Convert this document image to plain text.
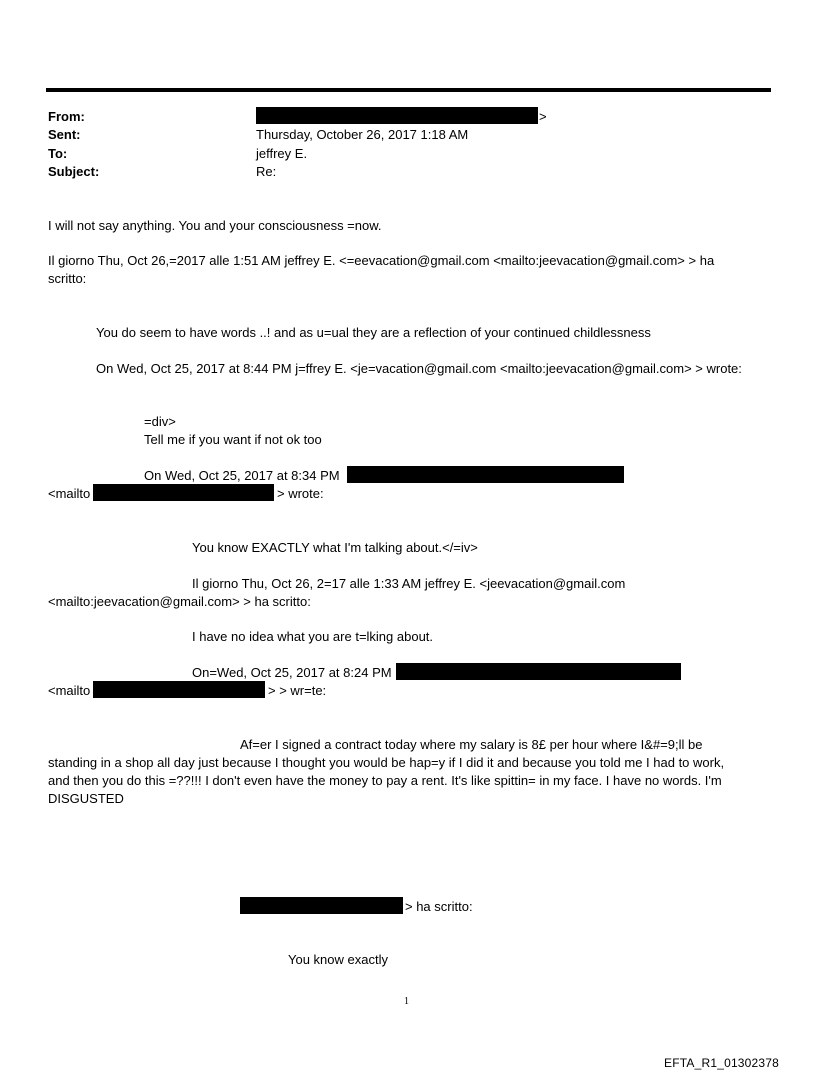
From:	>
Sent:	Thursday, October 26, 2017 1:18 AM
To:	jeffrey E.
Subject:	Re:
I will not say anything. You and your consciousness =now.
Il giorno Thu, Oct 26,=2017 alle 1:51 AM jeffrey E. <=eevacation@gmail.com <mailto:jeevacation@gmail.com> > ha
scritto:
You do seem to have words ..! and as u=ual they are a reflection of your continued childlessness
On Wed, Oct 25, 2017 at 8:44 PM j=ffrey E. <je=vacation@gmail.com <mailto:jeevacation@gmail.com> > wrote:
=div>
Tell me if you want if not ok too
On Wed, Oct 25, 2017 at 8:34 PM
<mailto	> wrote:
You know EXACTLY what I'm talking about.</=iv>
Il giorno Thu, Oct 26, 2=17 alle 1:33 AM jeffrey E. <jeevacation@gmail.com
<mailto:jeevacation@gmail.com> > ha scritto:
I have no idea what you are t=lking about.
On=Wed, Oct 25, 2017 at 8:24 PM
<mailto	> > wr=te:
Af=er I signed a contract today where my salary is 8£ per hour where I&#=9;ll be
standing in a shop all day just because I thought you would be hap=y if I did it and because you told me I had to work,
and then you do this =??!!! I don't even have the money to pay a rent. It's like spittin= in my face. I have no words. I'm
DISGUSTED
> ha scritto:
You know exactly
1
EFTA_R1_01302378
